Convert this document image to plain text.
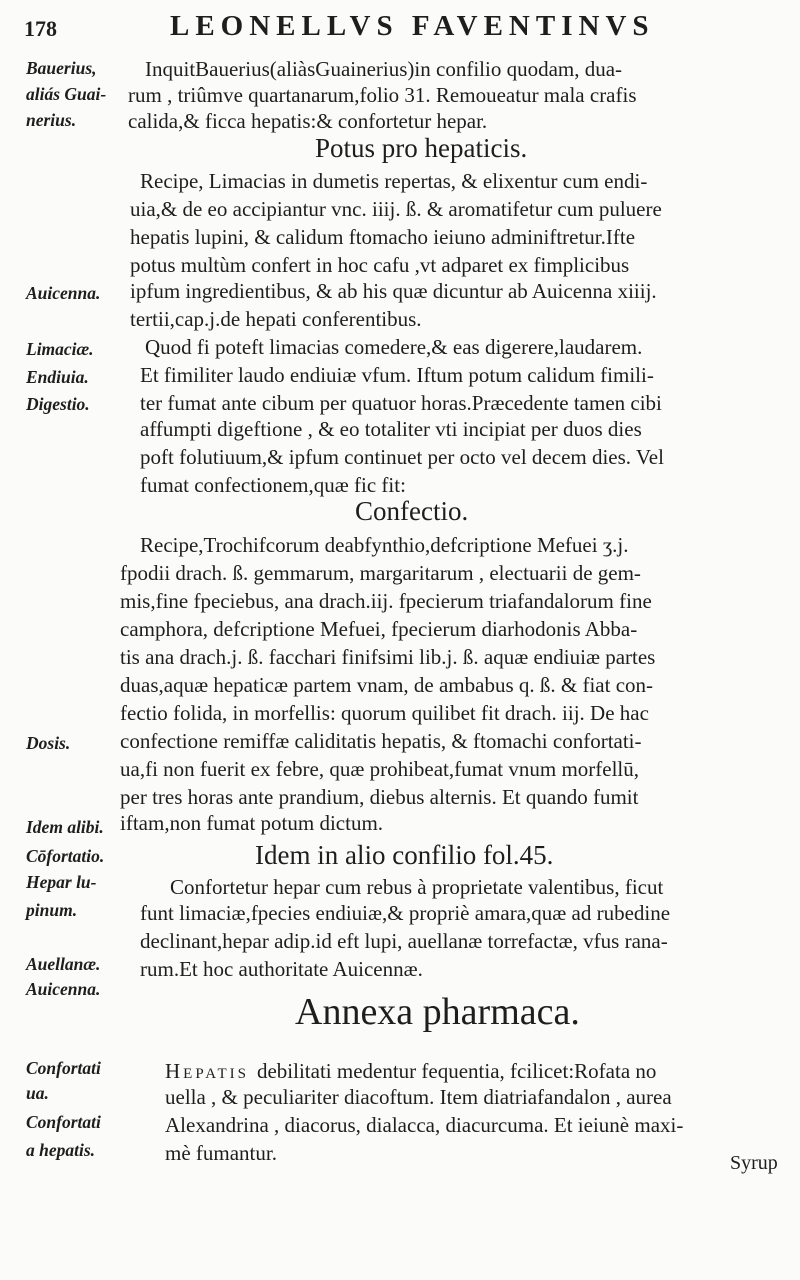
178	LEONELLVS FAVENTINVS
Bauerius,
aliás Guai-
nerius.
Auicenna.
Limaciæ.
Endiuia.
Digestio.
Dosis.
Idem alibi.
Cōfortatio.
Hepar lu-
pinum.
Auellanæ.
Auicenna.
Confortati
ua.
Confortati
a hepatis.
InquitBauerius(aliàsGuainerius)in confilio quodam, dua-
rum , triûmve quartanarum,folio 31. Remoueatur mala crafis
calida,& ficca hepatis:& confortetur hepar.
Potus pro hepaticis.
Recipe, Limacias in dumetis repertas, & elixentur cum endi-
uia,& de eo accipiantur vnc. iiij. ß. & aromatifetur cum puluere
hepatis lupini, & calidum ftomacho ieiuno adminiftretur.Ifte
potus multùm confert in hoc cafu ,vt adparet ex fimplicibus
ipfum ingredientibus, & ab his quæ dicuntur ab Auicenna xiiij.
tertii,cap.j.de hepati conferentibus.
Quod fi poteft limacias comedere,& eas digerere,laudarem.
Et fimiliter laudo endiuiæ vfum. Iftum potum calidum fimili-
ter fumat ante cibum per quatuor horas.Præcedente tamen cibi
affumpti digeftione , & eo totaliter vti incipiat per duos dies
poft folutiuum,& ipfum continuet per octo vel decem dies. Vel
fumat confectionem,quæ fic fit:
Confectio.
Recipe,Trochifcorum deabfynthio,defcriptione Mefuei ʒ.j.
fpodii drach. ß. gemmarum, margaritarum , electuarii de gem-
mis,fine fpeciebus, ana drach.iij. fpecierum triafandalorum fine
camphora, defcriptione Mefuei, fpecierum diarhodonis Abba-
tis ana drach.j. ß. facchari finifsimi lib.j. ß. aquæ endiuiæ partes
duas,aquæ hepaticæ partem vnam, de ambabus q. ß. & fiat con-
fectio folida, in morfellis: quorum quilibet fit drach. iij. De hac
confectione remiffæ caliditatis hepatis, & ftomachi confortati-
ua,fi non fuerit ex febre, quæ prohibeat,fumat vnum morfellū,
per tres horas ante prandium, diebus alternis. Et quando fumit
iftam,non fumat potum dictum.
Idem in alio confilio fol.45.
Confortetur hepar cum rebus à proprietate valentibus, ficut
funt limaciæ,fpecies endiuiæ,& propriè amara,quæ ad rubedine
declinant,hepar adip.id eft lupi, auellanæ torrefactæ, vfus rana-
rum.Et hoc authoritate Auicennæ.
Annexa pharmaca.
Hepatis debilitati medentur fequentia, fcilicet:Rofata no
uella , & peculiariter diacoftum. Item diatriafandalon , aurea
Alexandrina , diacorus, dialacca, diacurcuma. Et ieiunè maxi-
mè fumantur.	Syrup
